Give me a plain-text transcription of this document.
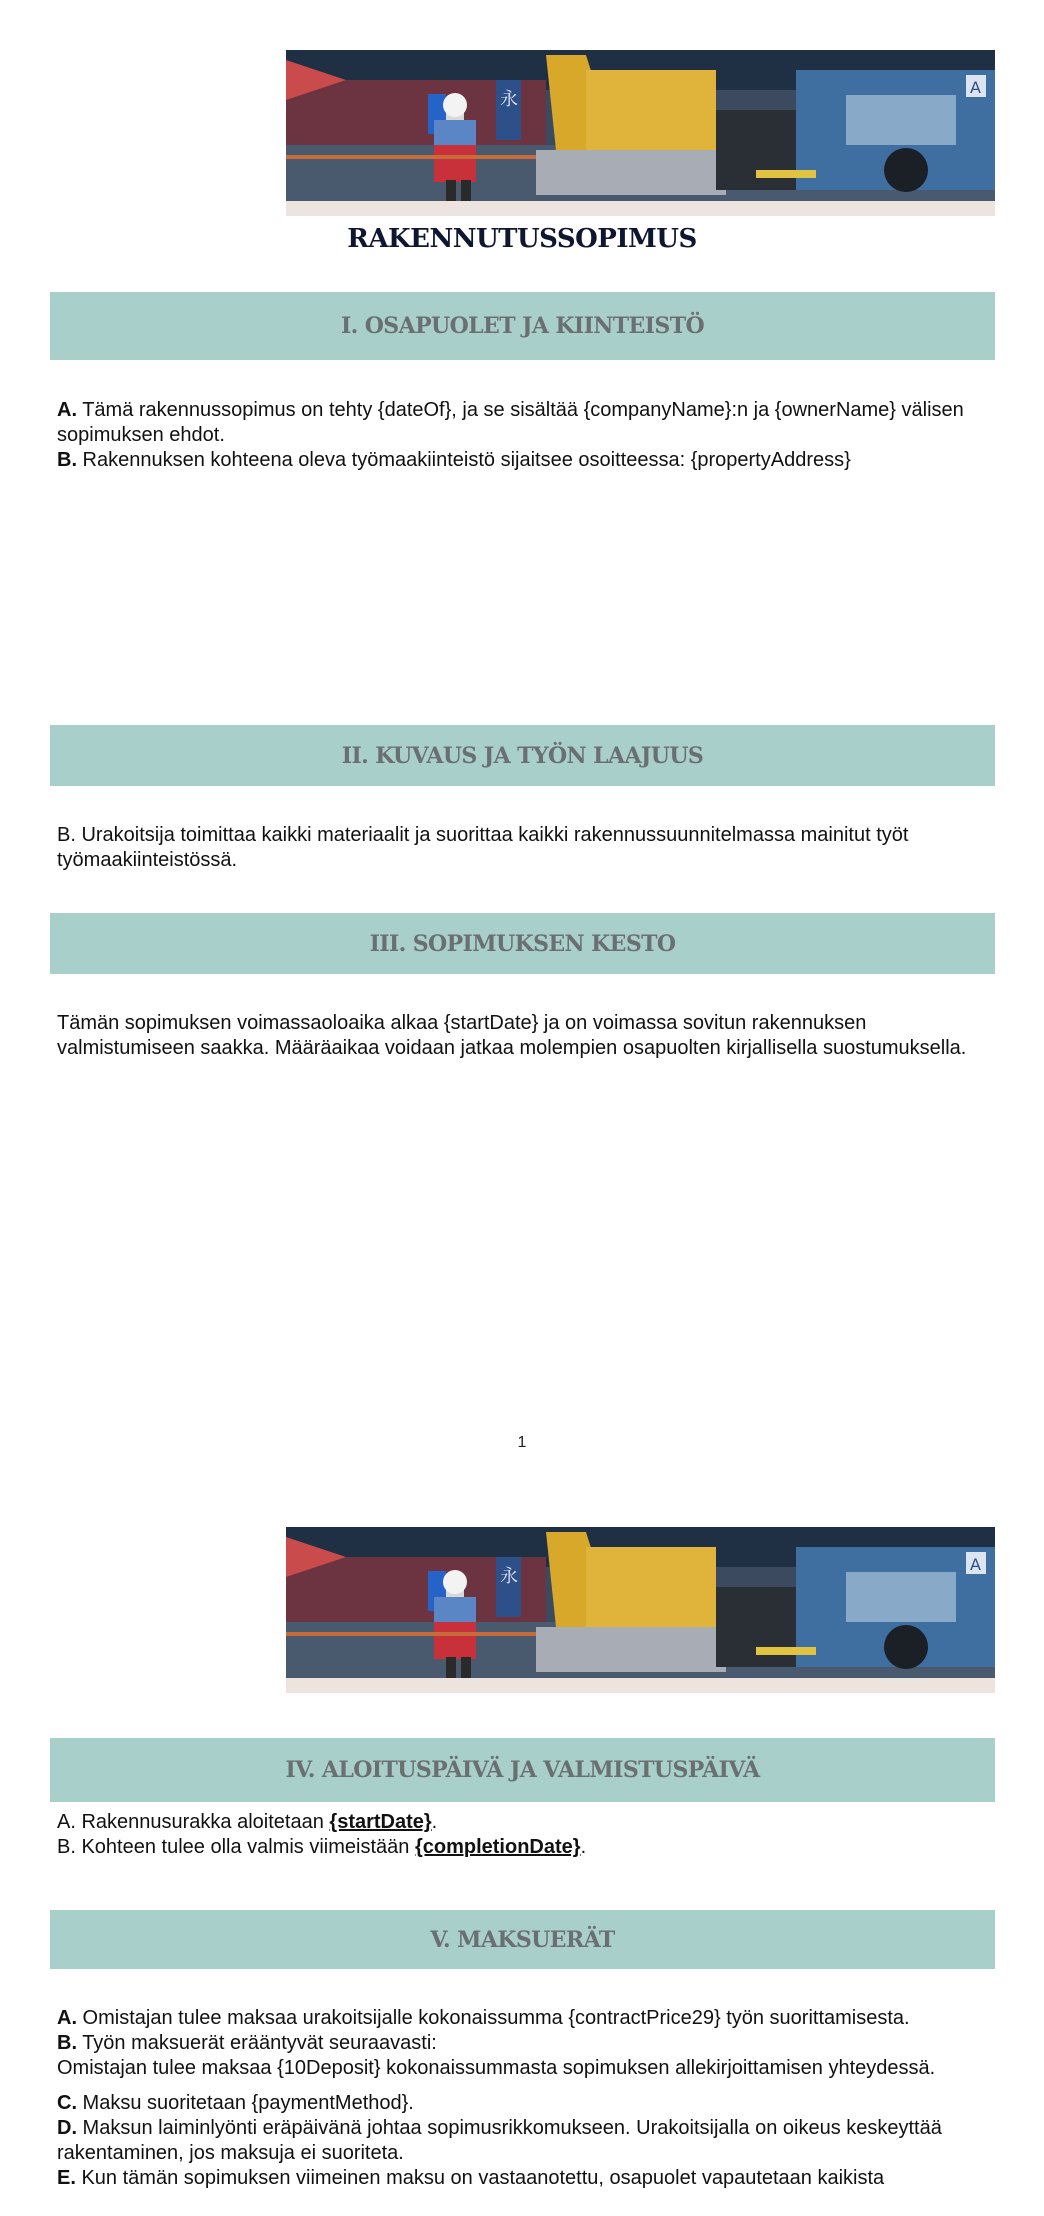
永
A
RAKENNUTUSSOPIMUS
I. OSAPUOLET JA KIINTEISTÖ

A. Tämä rakennussopimus on tehty {dateOf}, ja se sisältää {companyName}:n ja {ownerName} välisen sopimuksen ehdot.

B. Rakennuksen kohteena oleva työmaakiinteistö sijaitsee osoitteessa: {propertyAddress}

II. KUVAUS JA TYÖN LAAJUUS
B. Urakoitsija toimittaa kaikki materiaalit ja suorittaa kaikki rakennussuunnitelmassa mainitut työt työmaakiinteistössä.
III. SOPIMUKSEN KESTO
Tämän sopimuksen voimassaoloaika alkaa {startDate} ja on voimassa sovitun rakennuksen valmistumiseen saakka. Määräaikaa voidaan jatkaa molempien osapuolten kirjallisella suostumuksella.
1
永
A
IV. ALOITUSPÄIVÄ JA VALMISTUSPÄIVÄ

A. Rakennusurakka aloitetaan {startDate}.

B. Kohteen tulee olla valmis viimeistään {completionDate}.

V. MAKSUERÄT

A. Omistajan tulee maksaa urakoitsijalle kokonaissumma {contractPrice29} työn suorittamisesta.

B. Työn maksuerät erääntyvät seuraavasti:

Omistajan tulee maksaa {10Deposit} kokonaissummasta sopimuksen allekirjoittamisen yhteydessä.

C. Maksu suoritetaan {paymentMethod}.

D. Maksun laiminlyönti eräpäivänä johtaa sopimusrikkomukseen. Urakoitsijalla on oikeus keskeyttää rakentaminen, jos maksuja ei suoriteta.

E. Kun tämän sopimuksen viimeinen maksu on vastaanotettu, osapuolet vapautetaan kaikista
